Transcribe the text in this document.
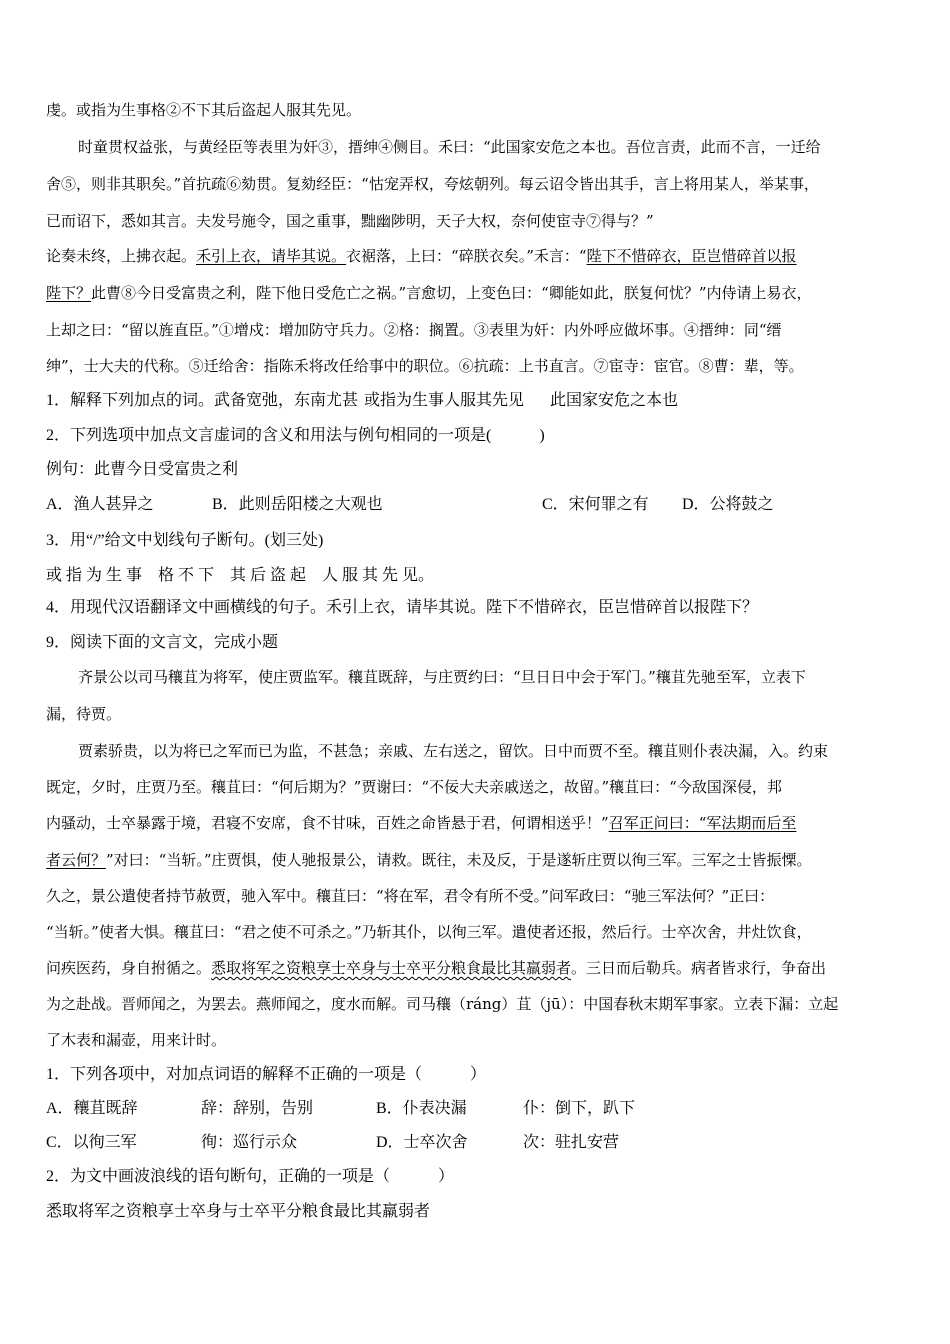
虔。或指为生事格②不下其后盗起人服其先见。
时童贯权益张，与黄经臣等表里为奸③，搢绅④侧目。禾曰：“此国家安危之本也。吾位言责，此而不言，一迁给
舍⑤，则非其职矣。”首抗疏⑥劾贯。复劾经臣：“怙宠弄权，夸炫朝列。每云诏令皆出其手，言上将用某人，举某事，
已而诏下，悉如其言。夫发号施令，国之重事，黜幽陟明，天子大权，奈何使宦寺⑦得与？”
论奏未终，上拂衣起。禾引上衣，请毕其说。衣裾落，上曰：“碎朕衣矣。”禾言：“陛下不惜碎衣，臣岂惜碎首以报
陛下？此曹⑧今日受富贵之利，陛下他日受危亡之祸。”言愈切，上变色曰：“卿能如此，朕复何忧？”内侍请上易衣，
上却之曰：“留以旌直臣。”①增戍：增加防守兵力。②格：搁置。③表里为奸：内外呼应做坏事。④搢绅：同“缙
绅”，士大夫的代称。⑤迁给舍：指陈禾将改任给事中的职位。⑥抗疏：上书直言。⑦宦寺：宦官。⑧曹：辈，等。
1．解释下列加点的词。武备宽弛，东南尤甚 或指为生事人服其先见 此国家安危之本也
2．下列选项中加点文言虚词的含义和用法与例句相同的一项是(　　　)
例句：此曹今日受富贵之利
A．渔人甚异之	B．此则岳阳楼之大观也	C．宋何罪之有 D．公将鼓之
3．用“/”给文中划线句子断句。(划三处)
或 指 为 生 事　格 不 下　其 后 盗 起　人 服 其 先 见。
4．用现代汉语翻译文中画横线的句子。禾引上衣，请毕其说。陛下不惜碎衣，臣岂惜碎首以报陛下？
9．阅读下面的文言文，完成小题
齐景公以司马穰苴为将军，使庄贾监军。穰苴既辞，与庄贾约曰：“旦日日中会于军门。”穰苴先驰至军，立表下
漏，待贾。
贾素骄贵，以为将已之军而已为监，不甚急；亲戚、左右送之，留饮。日中而贾不至。穰苴则仆表决漏，入。约束
既定，夕时，庄贾乃至。穰苴曰：“何后期为？”贾谢曰：“不佞大夫亲戚送之，故留。”穰苴曰：“今敌国深侵，邦
内骚动，士卒暴露于境，君寝不安席，食不甘味，百姓之命皆悬于君，何谓相送乎！”召军正问曰：“军法期而后至
者云何？”对曰：“当斩。”庄贾惧，使人驰报景公，请救。既往，未及反，于是遂斩庄贾以徇三军。三军之士皆振慄。
久之，景公遣使者持节赦贾，驰入军中。穰苴曰：“将在军，君令有所不受。”问军政曰：“驰三军法何？”正曰：
“当斩。”使者大惧。穰苴曰：“君之使不可杀之。”乃斩其仆，以徇三军。遣使者还报，然后行。士卒次舍，井灶饮食，
问疾医药，身自拊循之。悉取将军之资粮享士卒身与士卒平分粮食最比其羸弱者。三日而后勒兵。病者皆求行，争奋出
为之赴战。晋师闻之，为罢去。燕师闻之，度水而解。司马穰（ráng）苴（jū）：中国春秋末期军事家。立表下漏：立起
了木表和漏壶，用来计时。
1．下列各项中，对加点词语的解释不正确的一项是（　　　）
A．穰苴既辞	辞：辞别，告别	B．仆表决漏	仆：倒下，趴下
C．以徇三军	徇：巡行示众	D．士卒次舍	次：驻扎安营
2．为文中画波浪线的语句断句，正确的一项是（　　　）
悉取将军之资粮享士卒身与士卒平分粮食最比其羸弱者
